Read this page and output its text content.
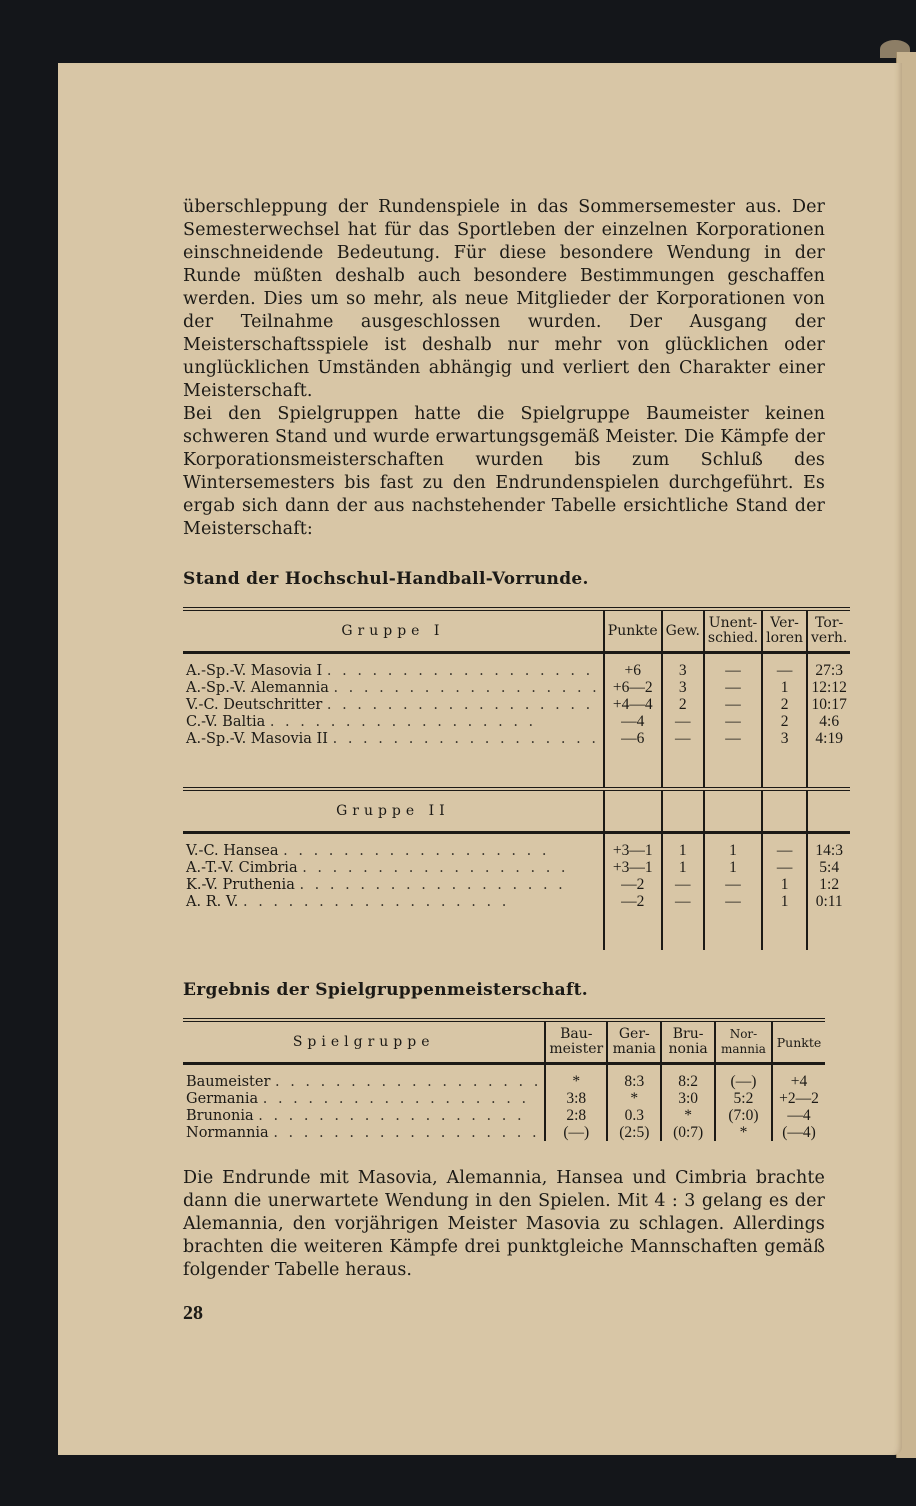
überschleppung der Rundenspiele in das Sommersemester aus. Der Semesterwechsel hat für das Sportleben der einzelnen Korporationen einschneidende Bedeutung. Für diese besondere Wendung in der Runde müßten deshalb auch besondere Bestimmungen geschaffen werden. Dies um so mehr, als neue Mitglieder der Korporationen von der Teilnahme ausgeschlossen wurden. Der Ausgang der Meisterschaftsspiele ist deshalb nur mehr von glücklichen oder unglücklichen Umständen abhängig und verliert den Charakter einer Meisterschaft.

Bei den Spielgruppen hatte die Spielgruppe Baumeister keinen schweren Stand und wurde erwartungsgemäß Meister. Die Kämpfe der Korporationsmeisterschaften wurden bis zum Schluß des Wintersemesters bis fast zu den Endrundenspielen durchgeführt. Es ergab sich dann der aus nachstehender Tabelle ersichtliche Stand der Meisterschaft:

Stand der Hochschul-Handball-Vorrunde.
Gruppe I	Punkte	Gew.	Unent-schied.	Ver-loren	Tor-verh.

A.-Sp.-V. Masovia I . . . . . . . . . . . . . . . . . .	+6	3	—	—	27:3
A.-Sp.-V. Alemannia . . . . . . . . . . . . . . . . . .	+6—2	3	—	1	12:12
V.-C. Deutschritter . . . . . . . . . . . . . . . . . .	+4—4	2	—	2	10:17
C.-V. Baltia . . . . . . . . . . . . . . . . . .	—4	—	—	2	4:6
A.-Sp.-V. Masovia II . . . . . . . . . . . . . . . . . .	—6	—	—	3	4:19

Gruppe II					

V.-C. Hansea . . . . . . . . . . . . . . . . . .	+3—1	1	1	—	14:3
A.-T.-V. Cimbria . . . . . . . . . . . . . . . . . .	+3—1	1	1	—	5:4
K.-V. Pruthenia . . . . . . . . . . . . . . . . . .	—2	—	—	1	1:2
A. R. V. . . . . . . . . . . . . . . . . . .	—2	—	—	1	0:11

Ergebnis der Spielgruppenmeisterschaft.
Spielgruppe	Bau-meister	Ger-mania	Bru-nonia	Nor-mannia	Punkte

Baumeister . . . . . . . . . . . . . . . . . .	*	8:3	8:2	(—)	+4
Germania . . . . . . . . . . . . . . . . . .	3:8	*	3:0	5:2	+2—2
Brunonia . . . . . . . . . . . . . . . . . .	2:8	0.3	*	(7:0)	—4
Normannia . . . . . . . . . . . . . . . . . .	(—)	(2:5)	(0:7)	*	(—4)

Die Endrunde mit Masovia, Alemannia, Hansea und Cimbria brachte dann die unerwartete Wendung in den Spielen. Mit 4 : 3 gelang es der Alemannia, den vorjährigen Meister Masovia zu schlagen. Allerdings brachten die weiteren Kämpfe drei punktgleiche Mannschaften gemäß folgender Tabelle heraus.

28
